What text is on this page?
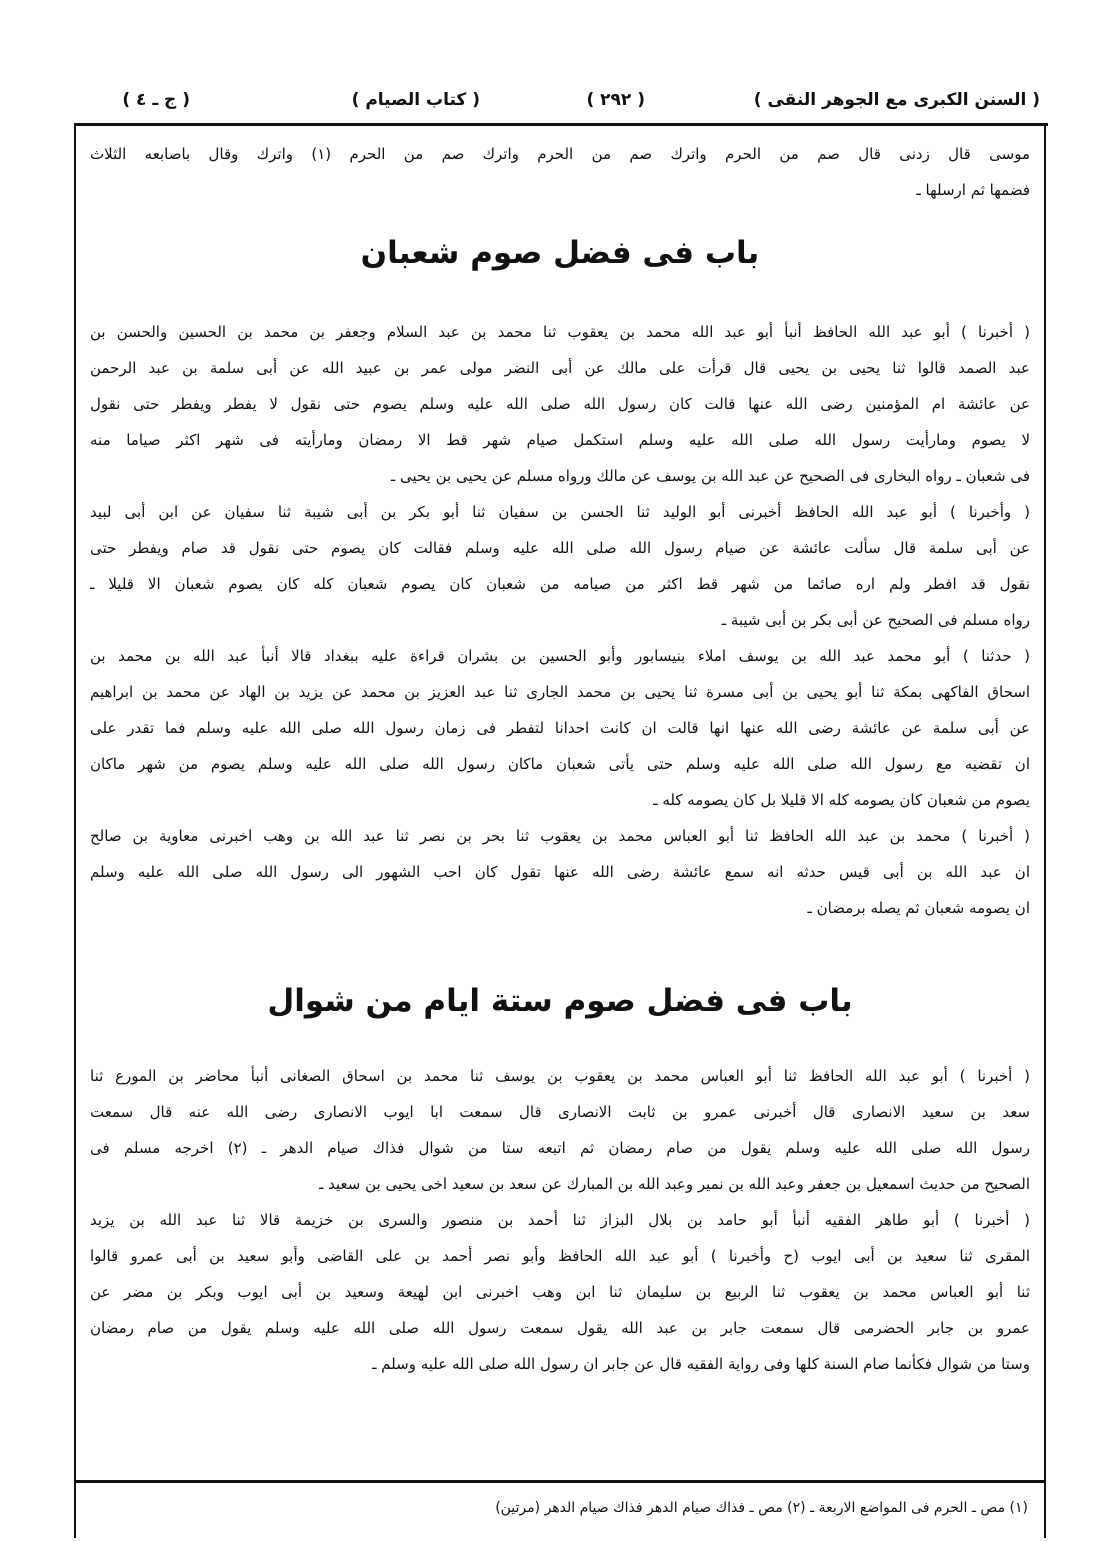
( السنن الكبرى مع الجوهر النقى )
( ٢٩٢ )
( كتاب الصيام )
( ج ـ ٤ )
موسى قال زدنى قال صم من الحرم واترك صم من الحرم واترك صم من الحرم (١) واترك وقال باصابعه الثلاث
فضمها ثم ارسلها ـ
باب فى فضل صوم شعبان
( أخبرنا ) أبو عبد الله الحافظ أنبأ أبو عبد الله محمد بن يعقوب ثنا محمد بن عبد السلام وجعفر بن محمد بن الحسين والحسن بن
عبد الصمد قالوا ثنا يحيى بن يحيى قال قرأت على مالك عن أبى النضر مولى عمر بن عبيد الله عن أبى سلمة بن عبد الرحمن
عن عائشة ام المؤمنين رضى الله عنها قالت كان رسول الله صلى الله عليه وسلم يصوم حتى نقول لا يفطر ويفطر حتى نقول
لا يصوم ومارأيت رسول الله صلى الله عليه وسلم استكمل صيام شهر قط الا رمضان ومارأيته فى شهر اكثر صياما منه
فى شعبان ـ رواه البخارى فى الصحيح عن عبد الله بن يوسف عن مالك ورواه مسلم عن يحيى بن يحيى ـ
( وأخبرنا ) أبو عبد الله الحافظ أخبرنى أبو الوليد ثنا الحسن بن سفيان ثنا أبو بكر بن أبى شيبة ثنا سفيان عن ابن أبى لبيد
عن أبى سلمة قال سألت عائشة عن صيام رسول الله صلى الله عليه وسلم فقالت كان يصوم حتى نقول قد صام ويفطر حتى
نقول قد افطر ولم اره صائما من شهر قط اكثر من صيامه من شعبان كان يصوم شعبان كله كان يصوم شعبان الا قليلا ـ
رواه مسلم فى الصحيح عن أبى بكر بن أبى شيبة ـ
( حدثنا ) أبو محمد عبد الله بن يوسف املاء بنيسابور وأبو الحسين بن بشران قراءة عليه ببغداد قالا أنبأ عبد الله بن محمد بن
اسحاق الفاكهى بمكة ثنا أبو يحيى بن أبى مسرة ثنا يحيى بن محمد الجارى ثنا عبد العزيز بن محمد عن يزيد بن الهاد عن محمد بن ابراهيم
عن أبى سلمة عن عائشة رضى الله عنها انها قالت ان كانت احدانا لتفطر فى زمان رسول الله صلى الله عليه وسلم فما تقدر على
ان تقضيه مع رسول الله صلى الله عليه وسلم حتى يأتى شعبان ماكان رسول الله صلى الله عليه وسلم يصوم من شهر ماكان
يصوم من شعبان كان يصومه كله الا قليلا بل كان يصومه كله ـ
( أخبرنا ) محمد بن عبد الله الحافظ ثنا أبو العباس محمد بن يعقوب ثنا بحر بن نصر ثنا عبد الله بن وهب اخبرنى معاوية بن صالح
ان عبد الله بن أبى قيس حدثه انه سمع عائشة رضى الله عنها تقول كان احب الشهور الى رسول الله صلى الله عليه وسلم
ان يصومه شعبان ثم يصله برمضان ـ
باب فى فضل صوم ستة ايام من شوال
( أخبرنا ) أبو عبد الله الحافظ ثنا أبو العباس محمد بن يعقوب بن يوسف ثنا محمد بن اسحاق الصغانى أنبأ محاضر بن المورع ثنا
سعد بن سعيد الانصارى قال أخبرنى عمرو بن ثابت الانصارى قال سمعت ابا ايوب الانصارى رضى الله عنه قال سمعت
رسول الله صلى الله عليه وسلم يقول من صام رمضان ثم اتبعه ستا من شوال فذاك صيام الدهر ـ (٢) اخرجه مسلم فى
الصحيح من حديث اسمعيل بن جعفر وعبد الله بن نمير وعبد الله بن المبارك عن سعد بن سعيد اخى يحيى بن سعيد ـ
( أخبرنا ) أبو طاهر الفقيه أنبأ أبو حامد بن بلال البزاز ثنا أحمد بن منصور والسرى بن خزيمة قالا ثنا عبد الله بن يزيد
المقرى ثنا سعيد بن أبى ايوب (ح وأخبرنا ) أبو عبد الله الحافظ وأبو نصر أحمد بن على القاضى وأبو سعيد بن أبى عمرو قالوا
ثنا أبو العباس محمد بن يعقوب ثنا الربيع بن سليمان ثنا ابن وهب اخبرنى ابن لهيعة وسعيد بن أبى ايوب وبكر بن مضر عن
عمرو بن جابر الحضرمى قال سمعت جابر بن عبد الله يقول سمعت رسول الله صلى الله عليه وسلم يقول من صام رمضان
وستا من شوال فكأنما صام السنة كلها وفى رواية الفقيه قال عن جابر ان رسول الله صلى الله عليه وسلم ـ
(١) مص ـ الحرم فى المواضع الاربعة ـ (٢) مص ـ فذاك صيام الدهر فذاك صيام الدهر (مرتين)
